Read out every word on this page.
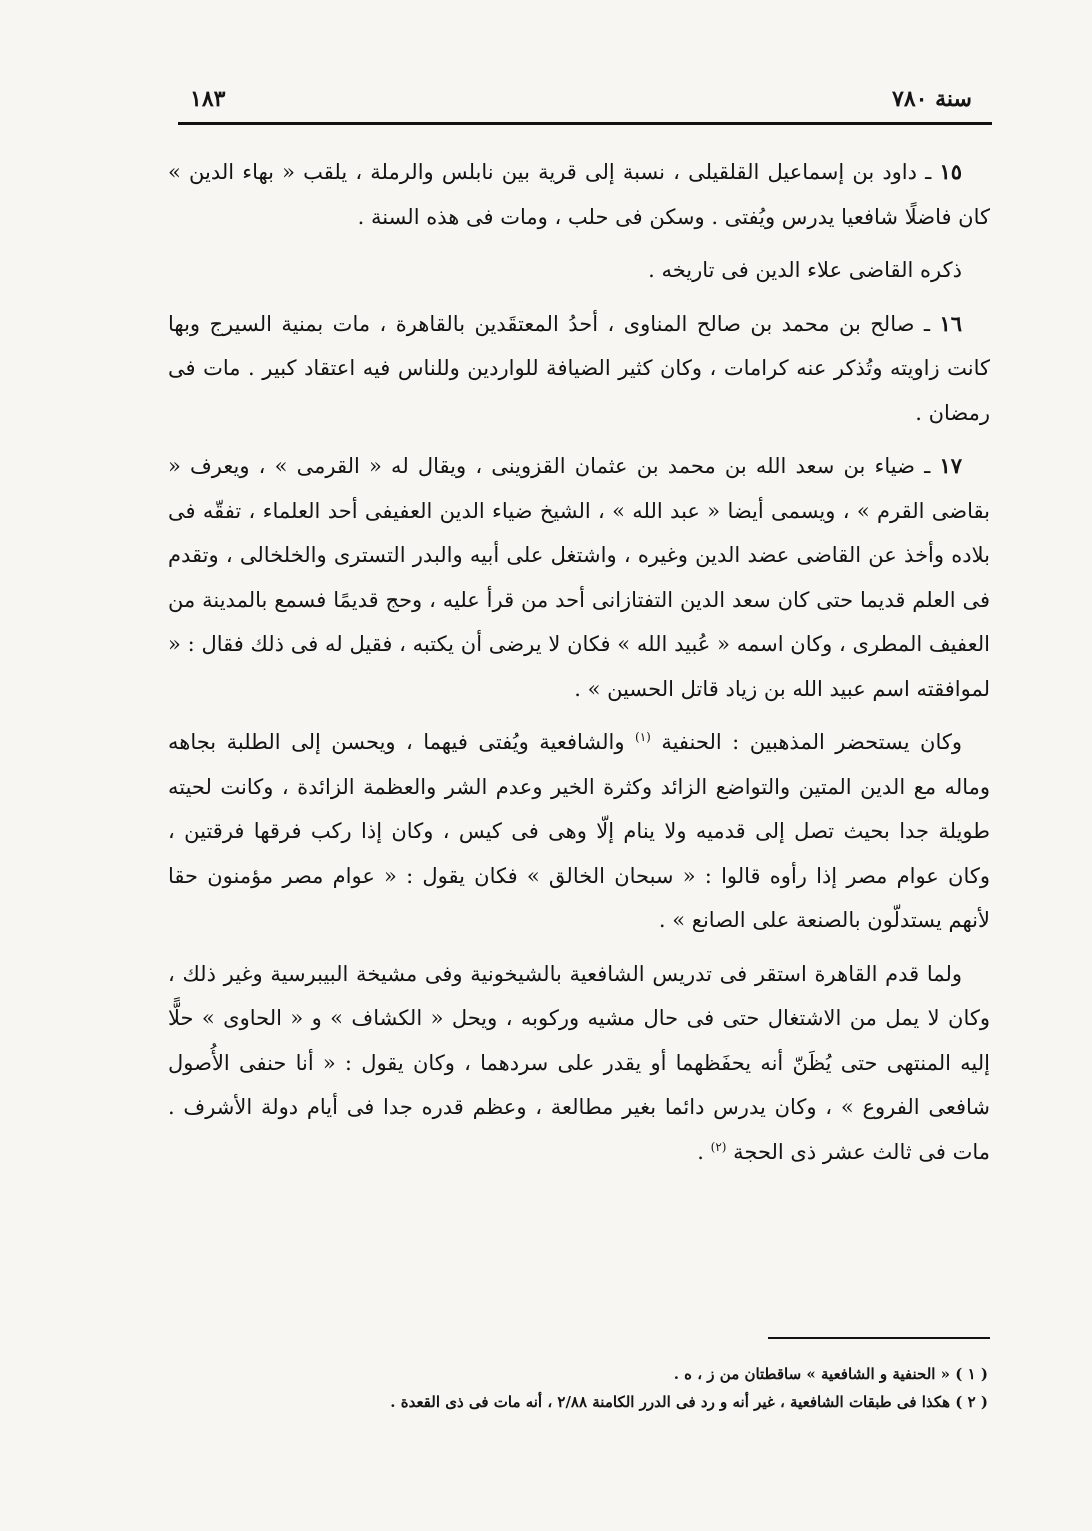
سنة ٧٨٠
١٨٣

١٥ ـ داود بن إسماعيل القلقيلى ، نسبة إلى قرية بين نابلس والرملة ، يلقب « بهاء الدين » كان فاضلًا شافعيا يدرس ويُفتى . وسكن فى حلب ، ومات فى هذه السنة .

ذكره القاضى علاء الدين فى تاريخه .

١٦ ـ صالح بن محمد بن صالح المناوى ، أحدُ المعتقَدين بالقاهرة ، مات بمنية السيرج وبها كانت زاويته وتُذكر عنه كرامات ، وكان كثير الضيافة للواردين وللناس فيه اعتقاد كبير . مات فى رمضان .

١٧ ـ ضياء بن سعد الله بن محمد بن عثمان القزوينى ، ويقال له « القرمى » ، ويعرف « بقاضى القرم » ، ويسمى أيضا « عبد الله » ، الشيخ ضياء الدين العفيفى أحد العلماء ، تفقّه فى بلاده وأخذ عن القاضى عضد الدين وغيره ، واشتغل على أبيه والبدر التسترى والخلخالى ، وتقدم فى العلم قديما حتى كان سعد الدين التفتازانى أحد من قرأ عليه ، وحج قديمًا فسمع بالمدينة من العفيف المطرى ، وكان اسمه « عُبيد الله » فكان لا يرضى أن يكتبه ، فقيل له فى ذلك فقال : « لموافقته اسم عبيد الله بن زياد قاتل الحسين » .

وكان يستحضر المذهبين : الحنفية $^{(١)}$ والشافعية ويُفتى فيهما ، ويحسن إلى الطلبة بجاهه وماله مع الدين المتين والتواضع الزائد وكثرة الخير وعدم الشر والعظمة الزائدة ، وكانت لحيته طويلة جدا بحيث تصل إلى قدميه ولا ينام إلّا وهى فى كيس ، وكان إذا ركب فرقها فرقتين ، وكان عوام مصر إذا رأوه قالوا : « سبحان الخالق » فكان يقول : « عوام مصر مؤمنون حقا لأنهم يستدلّون بالصنعة على الصانع » .

ولما قدم القاهرة استقر فى تدريس الشافعية بالشيخونية وفى مشيخة البيبرسية وغير ذلك ، وكان لا يمل من الاشتغال حتى فى حال مشيه وركوبه ، ويحل « الكشاف » و « الحاوى » حلًّا إليه المنتهى حتى يُظَنّ أنه يحفَظهما أو يقدر على سردهما ، وكان يقول : « أنا حنفى الأُصول شافعى الفروع » ، وكان يدرس دائما بغير مطالعة ، وعظم قدره جدا فى أيام دولة الأشرف . مات فى ثالث عشر ذى الحجة $^{(٢)}$ .

( ١ ) « الحنفية و الشافعية » ساقطتان من ز ، ه .
( ٢ ) هكذا فى طبقات الشافعية ، غير أنه و رد فى الدرر الكامنة ٢/٨٨ ، أنه مات فى ذى القعدة .
